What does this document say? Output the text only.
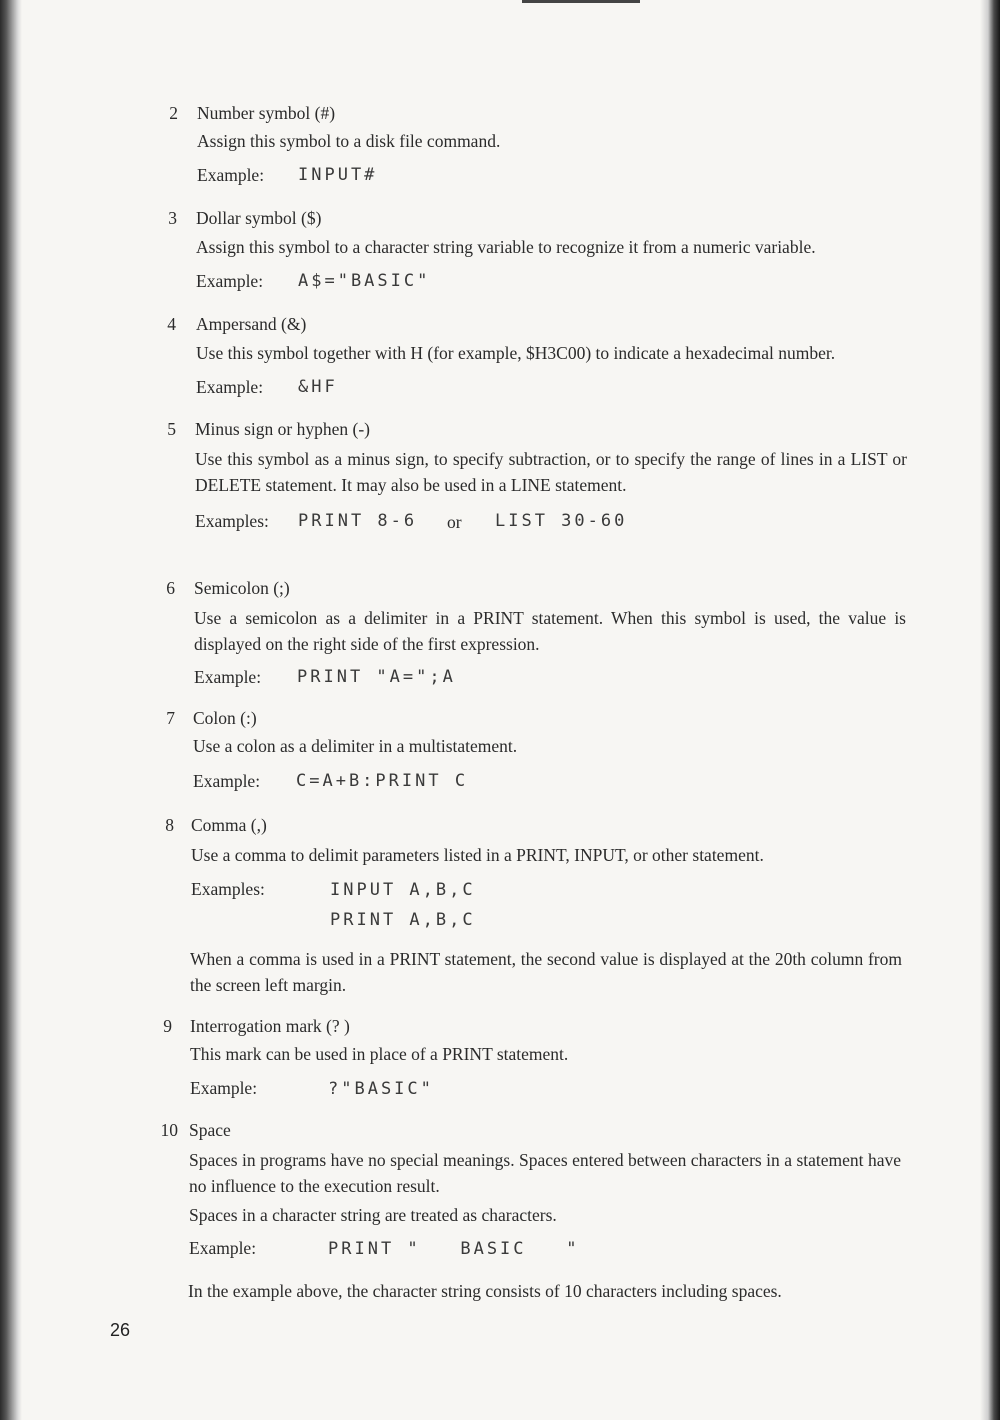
2 Number symbol (#)
Assign this symbol to a disk file command.
Example: INPUT#
3 Dollar symbol ($)
Assign this symbol to a character string variable to recognize it from a numeric variable.
Example: A$="BASIC"
4 Ampersand (&)
Use this symbol together with H (for example, $H3C00) to indicate a hexadecimal number.
Example: &HF
5 Minus sign or hyphen (-)
Use this symbol as a minus sign, to specify subtraction, or to specify the range of lines in a LIST or DELETE statement. It may also be used in a LINE statement.
Examples: PRINT 8-6 or LIST 30-60
6 Semicolon (;)
Use a semicolon as a delimiter in a PRINT statement. When this symbol is used, the value is displayed on the right side of the first expression.
Example: PRINT "A=";A
7 Colon (:)
Use a colon as a delimiter in a multistatement.
Example: C=A+B:PRINT C
8 Comma (,)
Use a comma to delimit parameters listed in a PRINT, INPUT, or other statement.
Examples:	INPUT A,B,C
PRINT A,B,C
When a comma is used in a PRINT statement, the second value is displayed at the 20th column from the screen left margin.
9 Interrogation mark (? )
This mark can be used in place of a PRINT statement.
Example:	?"BASIC"
10 Space
Spaces in programs have no special meanings. Spaces entered between characters in a statement have no influence to the execution result.
Spaces in a character string are treated as characters.
Example:	PRINT "   BASIC   "
In the example above, the character string consists of 10 characters including spaces.
26
